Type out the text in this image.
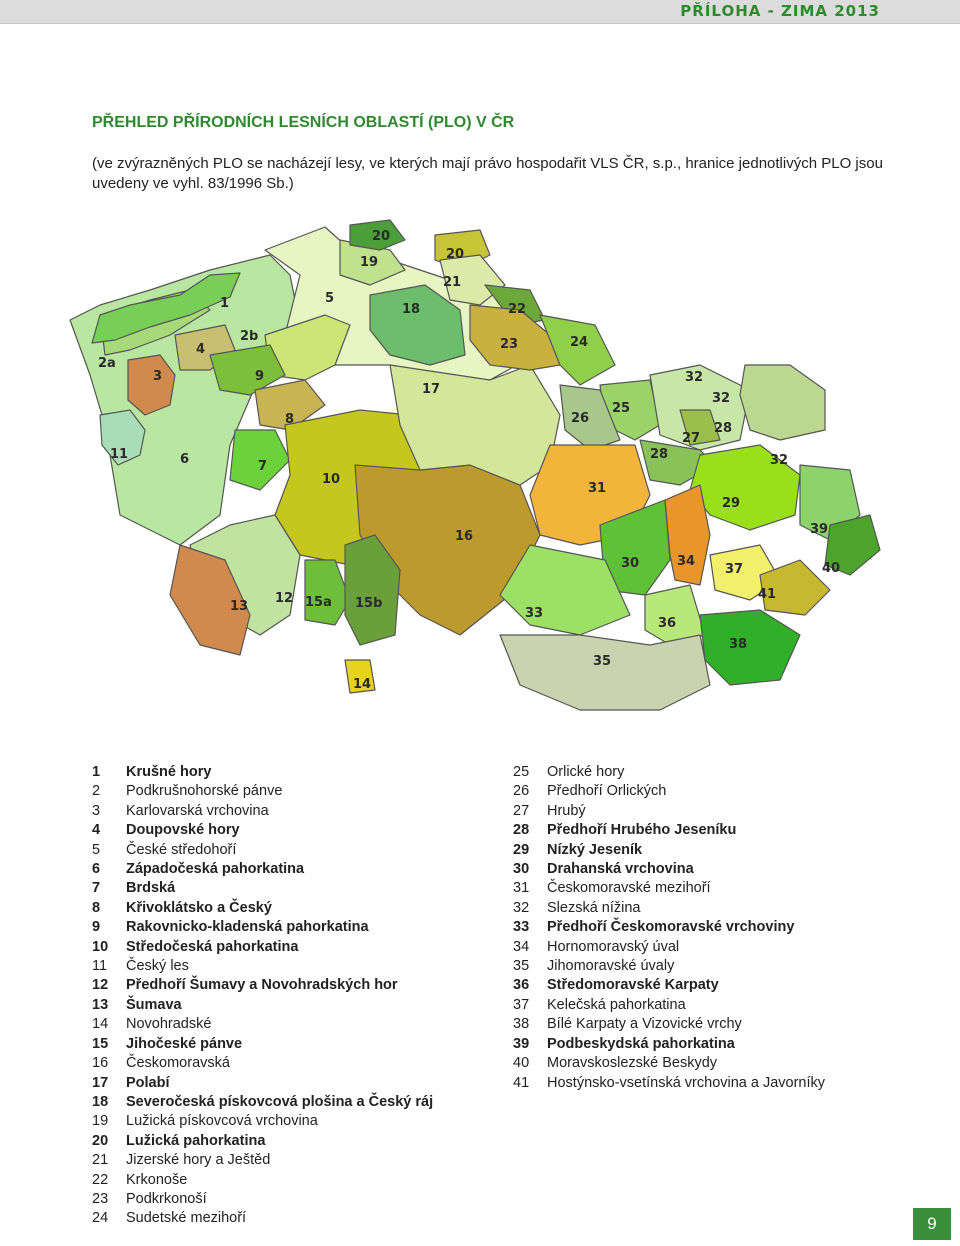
PŘÍLOHA - ZIMA 2013
PŘEHLED PŘÍRODNÍCH LESNÍCH OBLASTÍ (PLO) V ČR
(ve zvýrazněných PLO se nacházejí lesy, ve kterých mají právo hospodařit VLS ČR, s.p., hranice jednotlivých PLO jsou uvedeny ve vyhl. 83/1996 Sb.)
1
2a
2b
3
4
5
6	7
8
9
10
11
12
13
14
15a 15b
16
17
18
19
20
20
21
22
23	24
25
26
27
28
28
29
30
31
32
32
32
33
34
35
36
37
38
39
40
41
1	Krušné hory
2	Podkrušnohorské pánve
3	Karlovarská vrchovina
4	Doupovské hory
5	České středohoří
6	Západočeská pahorkatina
7	Brdská
8	Křivoklátsko a Český
9	Rakovnicko-kladenská pahorkatina
10	Středočeská pahorkatina
11	Český les
12	Předhoří Šumavy a Novohradských hor
13	Šumava
14	Novohradské
15	Jihočeské pánve
16	Českomoravská
17	Polabí
18	Severočeská pískovcová plošina a Český ráj
19	Lužická pískovcová vrchovina
20	Lužická pahorkatina
21	Jizerské hory a Ještěd
22	Krkonoše
23	Podkrkonoší
24	Sudetské mezihoří
25	Orlické hory
26	Předhoří Orlických
27	Hrubý
28	Předhoří Hrubého Jeseníku
29	Nízký Jeseník
30	Drahanská vrchovina
31	Českomoravské mezihoří
32	Slezská nížina
33	Předhoří Českomoravské vrchoviny
34	Hornomoravský úval
35	Jihomoravské úvaly
36	Středomoravské Karpaty
37	Kelečská pahorkatina
38	Bílé Karpaty a Vizovické vrchy
39	Podbeskydská pahorkatina
40	Moravskoslezské Beskydy
41	Hostýnsko-vsetínská vrchovina a Javorníky
9
